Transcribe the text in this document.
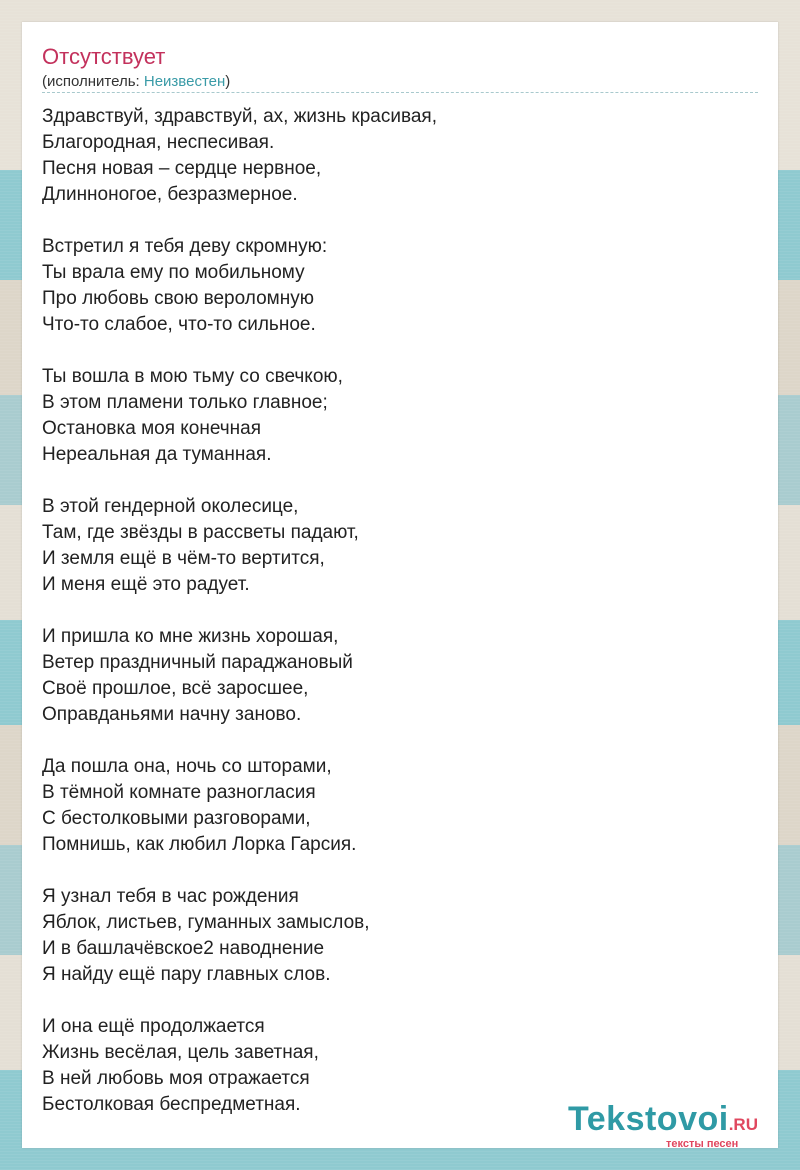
Отсутствует
(исполнитель: Неизвестен)
Здравствуй, здравствуй, ах, жизнь красивая,
Благородная, неспесивая.
Песня новая – сердце нервное,
Длинноногое, безразмерное.
Встретил я тебя деву скромную:
Ты врала ему по мобильному
Про любовь свою вероломную
Что-то слабое, что-то сильное.
Ты вошла в мою тьму со свечкою,
В этом пламени только главное;
Остановка моя конечная
Нереальная да туманная.
В этой гендерной околесице,
Там, где звёзды в рассветы падают,
И земля ещё в чём-то вертится,
И меня ещё это радует.
И пришла ко мне жизнь хорошая,
Ветер праздничный параджановый
Своё прошлое, всё заросшее,
Оправданьями начну заново.
Да пошла она, ночь со шторами,
В тёмной комнате разногласия
С бестолковыми разговорами,
Помнишь, как любил Лорка Гарсия.
Я узнал тебя в час рождения
Яблок, листьев, гуманных замыслов,
И в башлачёвское2 наводнение
Я найду ещё пару главных слов.
И она ещё продолжается
Жизнь весёлая, цель заветная,
В ней любовь моя отражается
Бестолковая беспредметная.	Tekstovoi.RU
тексты песен
